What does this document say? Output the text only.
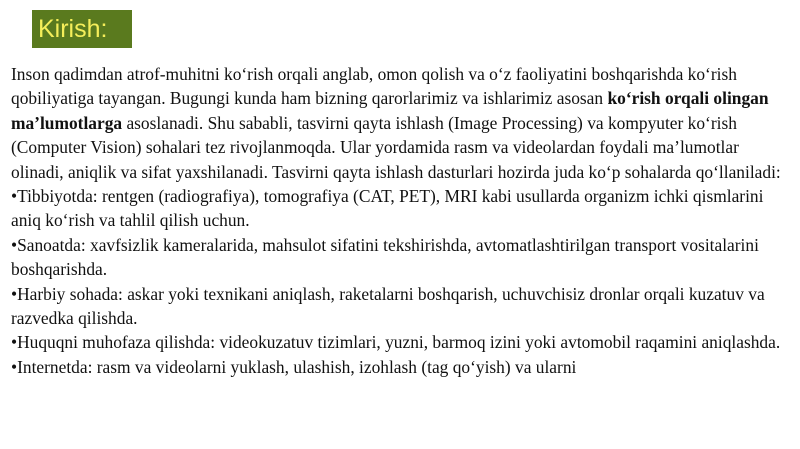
Kirish:

Inson qadimdan atrof-muhitni koʻrish orqali anglab, omon qolish va oʻz faoliyatini boshqarishda koʻrish qobiliyatiga tayangan. Bugungi kunda ham bizning qarorlarimiz va ishlarimiz asosan koʻrish orqali olingan maʼlumotlarga asoslanadi. Shu sababli, tasvirni qayta ishlash (Image Processing) va kompyuter koʻrish (Computer Vision) sohalari tez rivojlanmoqda. Ular yordamida rasm va videolardan foydali maʼlumotlar olinadi, aniqlik va sifat yaxshilanadi. Tasvirni qayta ishlash dasturlari hozirda juda koʻp sohalarda qoʻllaniladi:

•Tibbiyotda: rentgen (radiografiya), tomografiya (CAT, PET), MRI kabi usullarda organizm ichki qismlarini aniq koʻrish va tahlil qilish uchun.

•Sanoatda: xavfsizlik kameralarida, mahsulot sifatini tekshirishda, avtomatlashtirilgan transport vositalarini boshqarishda.

•Harbiy sohada: askar yoki texnikani aniqlash, raketalarni boshqarish, uchuvchisiz dronlar orqali kuzatuv va razvedka qilishda.

•Huquqni muhofaza qilishda: videokuzatuv tizimlari, yuzni, barmoq izini yoki avtomobil raqamini aniqlashda.

•Internetda: rasm va videolarni yuklash, ulashish, izohlash (tag qoʻyish) va ularni
